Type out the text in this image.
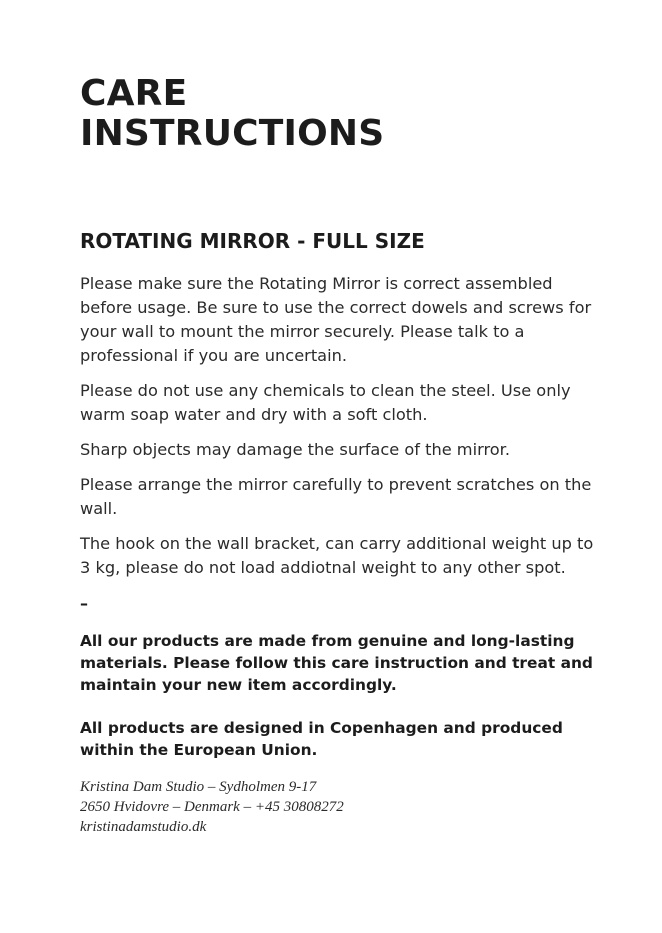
CARE
INSTRUCTIONS
ROTATING MIRROR - FULL SIZE

Please make sure the Rotating Mirror is correct assembled before usage. Be sure to use the correct dowels and screws for your wall to mount the mirror securely. Please talk to a professional if you are uncertain.

Please do not use any chemicals to clean the steel. Use only warm soap water and dry with a soft cloth.

Sharp objects may damage the surface of the mirror.

Please arrange the mirror carefully to prevent scratches on the wall.

The hook on the wall bracket, can carry additional weight up to 3 kg, please do not load addiotnal weight to any other spot.

–

All our products are made from genuine and long-lasting materials. Please follow this care instruction and treat and maintain your new item accordingly.

All products are designed in Copenhagen and produced within the European Union.

Kristina Dam Studio – Sydholmen 9-17
2650 Hvidovre – Denmark – +45 30808272
kristinadamstudio.dk
